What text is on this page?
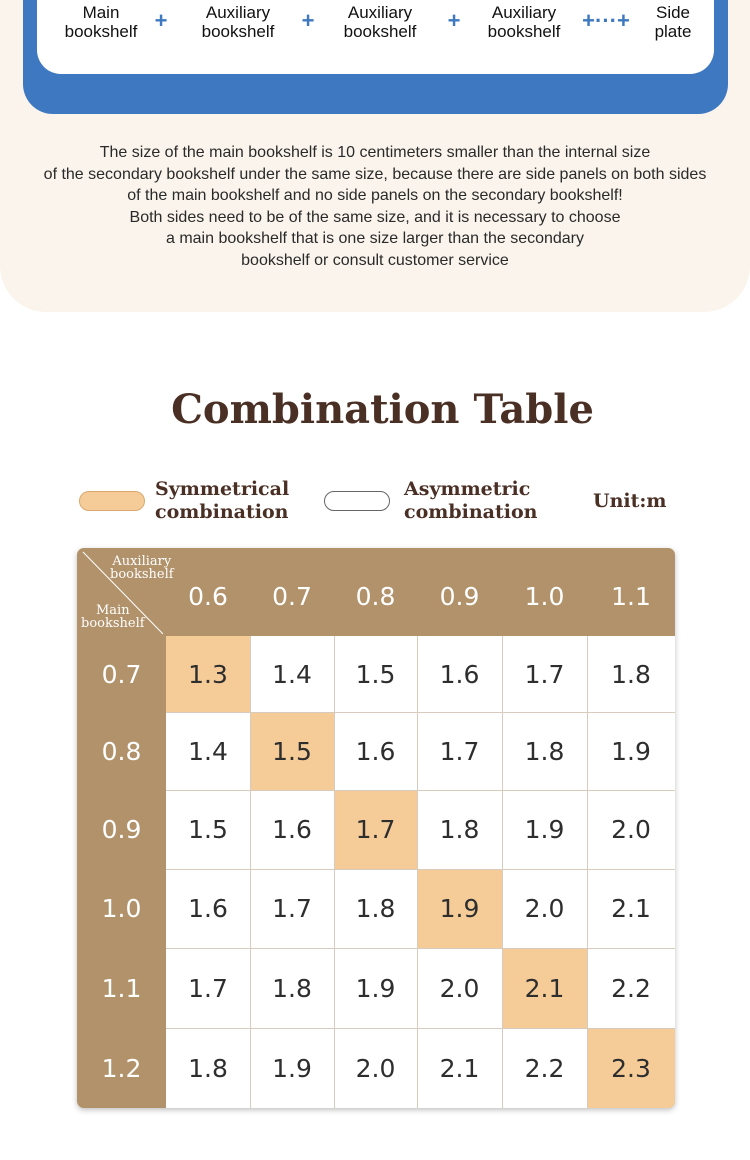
Main
bookshelf + Auxiliary
bookshelf + Auxiliary
bookshelf + Auxiliary
bookshelf +···+ Side
plate
The size of the main bookshelf is 10 centimeters smaller than the internal size
of the secondary bookshelf under the same size, because there are side panels on both sides
of the main bookshelf and no side panels on the secondary bookshelf!
Both sides need to be of the same size, and it is necessary to choose
a main bookshelf that is one size larger than the secondary
bookshelf or consult customer service
Combination Table
Symmetrical
combination
Asymmetric
combination	Unit:m
Auxiliary
bookshelf
Main
bookshelf
0.6	0.7	0.8	0.9	1.0	1.1
0.7	1.3	1.4	1.5	1.6	1.7	1.8
0.8	1.4	1.5	1.6	1.7	1.8	1.9
0.9	1.5	1.6	1.7	1.8	1.9	2.0
1.0	1.6	1.7	1.8	1.9	2.0	2.1
1.1	1.7	1.8	1.9	2.0	2.1	2.2
1.2	1.8	1.9	2.0	2.1	2.2	2.3
